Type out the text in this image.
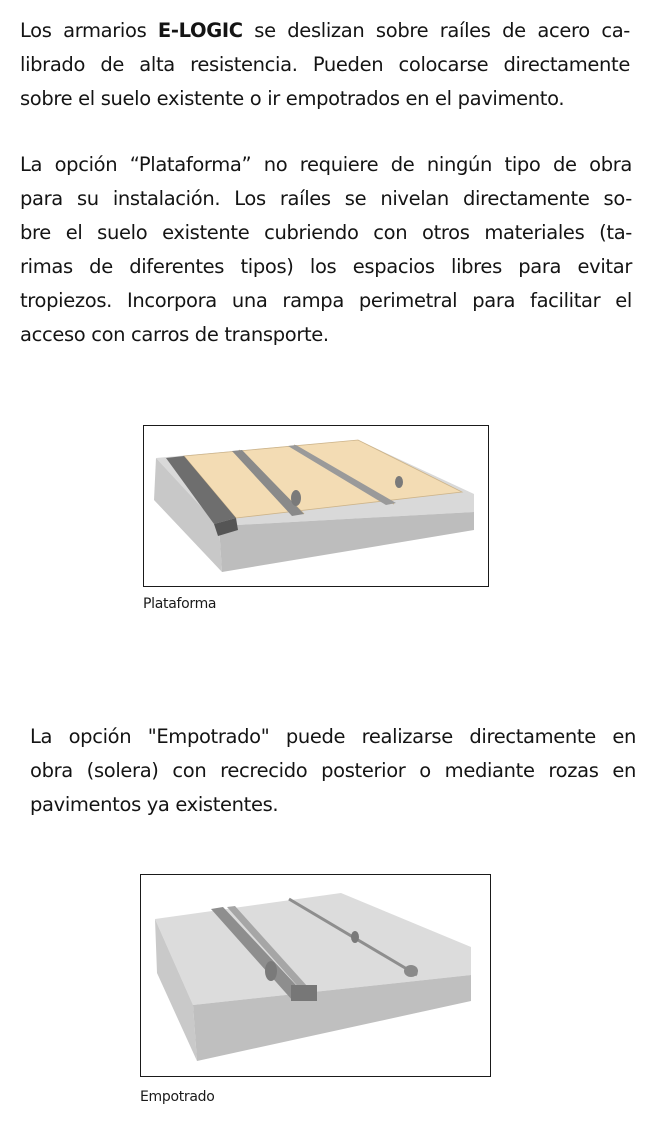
Los armarios E-LOGIC se deslizan sobre raíles de acero ca-
librado de alta resistencia. Pueden colocarse directamente
sobre el suelo existente o ir empotrados en el pavimento.
La opción “Plataforma” no requiere de ningún tipo de obra
para su instalación. Los raíles se nivelan directamente so-
bre el suelo existente cubriendo con otros materiales (ta-
rimas de diferentes tipos) los espacios libres para evitar
tropiezos. Incorpora una rampa perimetral para facilitar el
acceso con carros de transporte.
Plataforma
La opción "Empotrado" puede realizarse directamente en
obra (solera) con recrecido posterior o mediante rozas en
pavimentos ya existentes.
Empotrado
